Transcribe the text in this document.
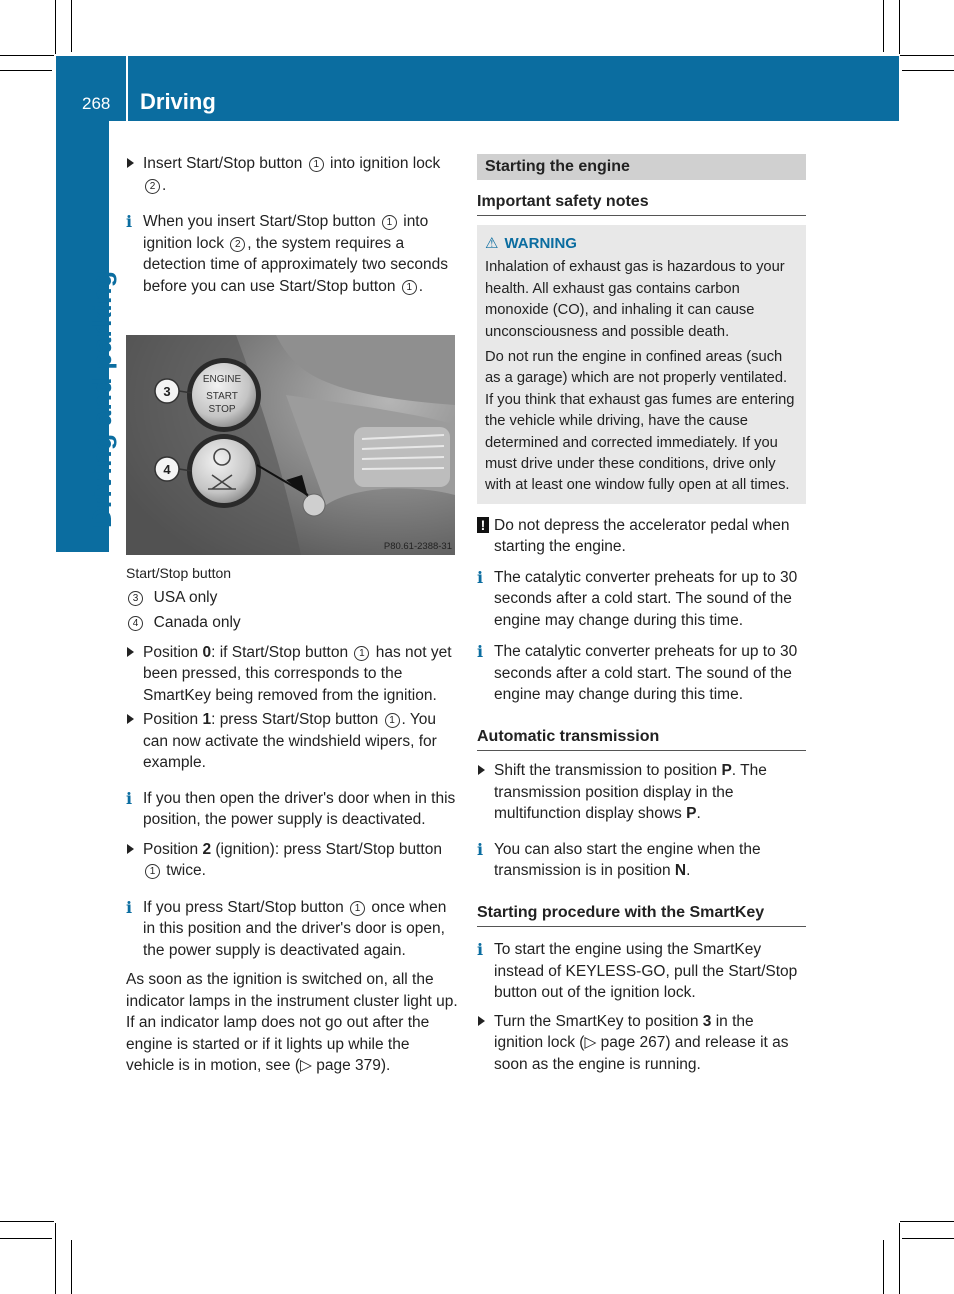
268 Driving
Driving and parking

Insert Start/Stop button 1 into ignition lock 2 .

i When you insert Start/Stop button 1 into ignition lock 2 , the system requires a detection time of approximately two seconds before you can use Start/Stop button 1 .

3
4
ENGINE
START
STOP
P80.61-2388-31

Start/Stop button

3 USA only

4 Canada only

Position 0: if Start/Stop button 1 has not yet been pressed, this corresponds to the SmartKey being removed from the ignition.

Position 1: press Start/Stop button 1 . You can now activate the windshield wipers, for example.

i If you then open the driver's door when in this position, the power supply is deactivated.

Position 2 (ignition): press Start/Stop button 1 twice.

i If you press Start/Stop button 1 once when in this position and the driver's door is open, the power supply is deactivated again.

As soon as the ignition is switched on, all the indicator lamps in the instrument cluster light up. If an indicator lamp does not go out after the engine is started or if it lights up while the vehicle is in motion, see (▷ page 379).

Starting the engine
Important safety notes
⚠ WARNING

Inhalation of exhaust gas is hazardous to your health. All exhaust gas contains carbon monoxide (CO), and inhaling it can cause unconsciousness and possible death.

Do not run the engine in confined areas (such as a garage) which are not properly ventilated. If you think that exhaust gas fumes are entering the vehicle while driving, have the cause determined and corrected immediately. If you must drive under these conditions, drive only with at least one window fully open at all times.

! Do not depress the accelerator pedal when starting the engine.

i The catalytic converter preheats for up to 30 seconds after a cold start. The sound of the engine may change during this time.

i The catalytic converter preheats for up to 30 seconds after a cold start. The sound of the engine may change during this time.

Automatic transmission

Shift the transmission to position P. The transmission position display in the multifunction display shows P.

i You can also start the engine when the transmission is in position N.

Starting procedure with the SmartKey

i To start the engine using the SmartKey instead of KEYLESS-GO, pull the Start/Stop button out of the ignition lock.

Turn the SmartKey to position 3 in the ignition lock (▷ page 267) and release it as soon as the engine is running.
